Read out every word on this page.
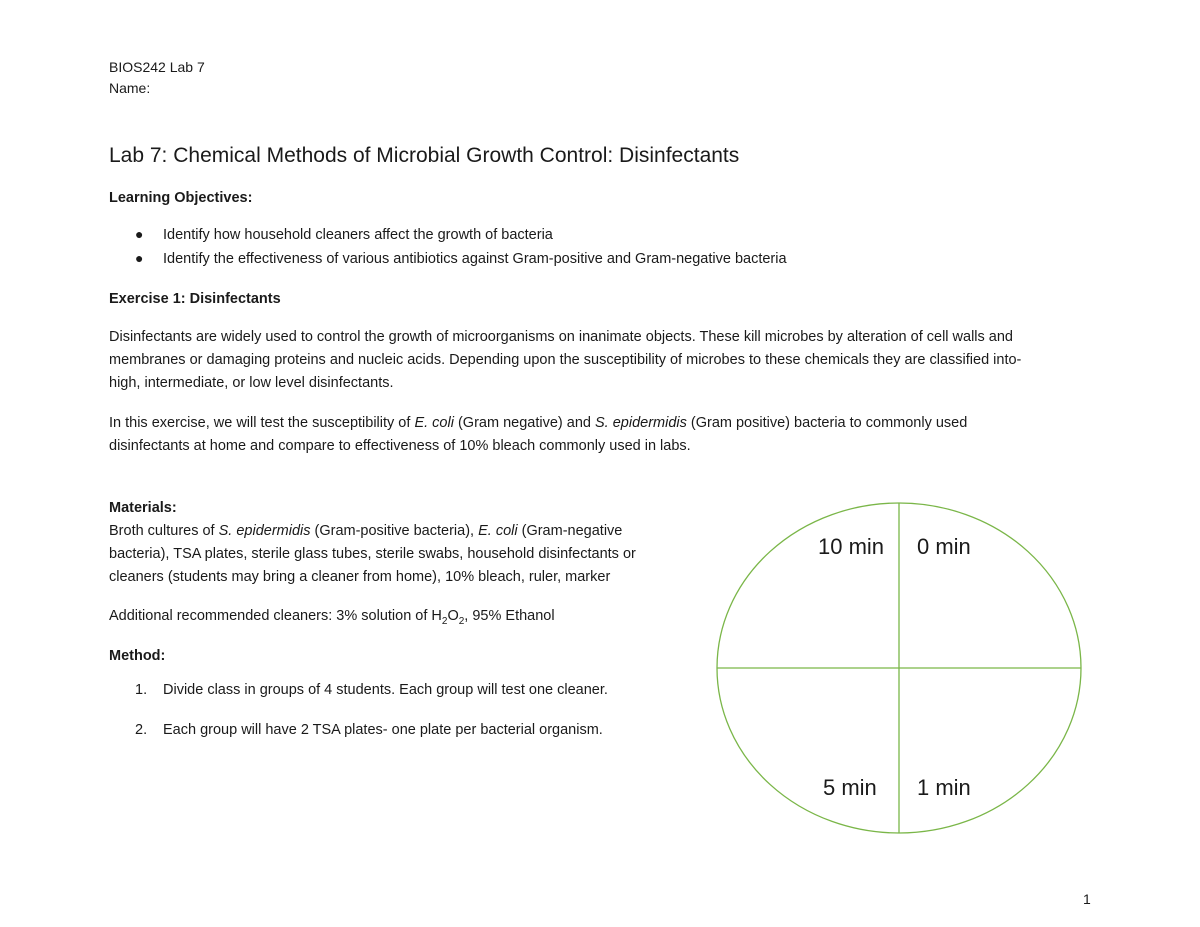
BIOS242 Lab 7
Name:
Lab 7: Chemical Methods of Microbial Growth Control: Disinfectants
Learning Objectives:
● Identify how household cleaners affect the growth of bacteria
● Identify the effectiveness of various antibiotics against Gram-positive and Gram-negative bacteria
Exercise 1: Disinfectants
Disinfectants are widely used to control the growth of microorganisms on inanimate objects. These kill microbes by alteration of cell walls and
membranes or damaging proteins and nucleic acids. Depending upon the susceptibility of microbes to these chemicals they are classified into-
high, intermediate, or low level disinfectants.
In this exercise, we will test the susceptibility of E. coli (Gram negative) and S. epidermidis (Gram positive) bacteria to commonly used
disinfectants at home and compare to effectiveness of 10% bleach commonly used in labs.
Materials:
Broth cultures of S. epidermidis (Gram-positive bacteria), E. coli (Gram-negative
bacteria), TSA plates, sterile glass tubes, sterile swabs, household disinfectants or
cleaners (students may bring a cleaner from home), 10% bleach, ruler, marker
Additional recommended cleaners: 3% solution of $H_2O_2$, 95% Ethanol
Method:
1. Divide class in groups of 4 students. Each group will test one cleaner.
2. Each group will have 2 TSA plates- one plate per bacterial organism.
10 min 0 min
5 min 1 min
1
